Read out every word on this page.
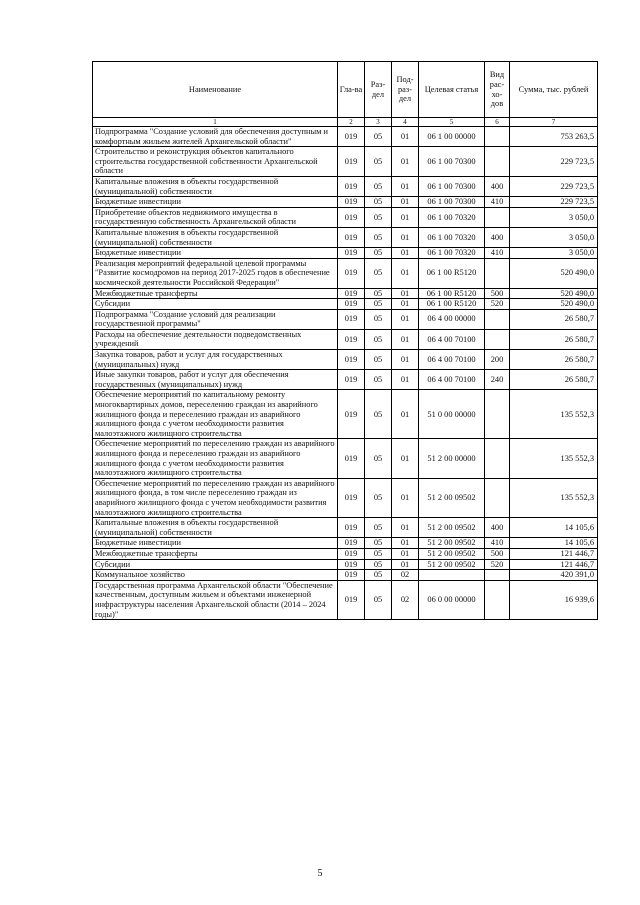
Наименование	Гла-ва	Раз-дел	Под-раз-дел	Целевая статья	Вид рас-хо-дов	Сумма, тыс. рублей
1	2	3	4	5	6	7
Подпрограмма "Создание условий для обеспечения доступным и комфортным жильем жителей Архангельской области"	019	05	01	06 1 00 00000		753 263,5
Строительство и реконструкция объектов капитального строительства государственной собственности Архангельской области	019	05	01	06 1 00 70300		229 723,5
Капитальные вложения в объекты государственной (муниципальной) собственности	019	05	01	06 1 00 70300	400	229 723,5
Бюджетные инвестиции	019	05	01	06 1 00 70300	410	229 723,5
Приобретение объектов недвижимого имущества в государственную собственность Архангельской области	019	05	01	06 1 00 70320		3 050,0
Капитальные вложения в объекты государственной (муниципальной) собственности	019	05	01	06 1 00 70320	400	3 050,0
Бюджетные инвестиции	019	05	01	06 1 00 70320	410	3 050,0
Реализация мероприятий федеральной целевой программы "Развитие космодромов на период 2017-2025 годов в обеспечение космической деятельности Российской Федерации"	019	05	01	06 1 00 R5120		520 490,0
Межбюджетные трансферты	019	05	01	06 1 00 R5120	500	520 490,0
Субсидии	019	05	01	06 1 00 R5120	520	520 490,0
Подпрограмма "Создание условий для реализации государственной программы"	019	05	01	06 4 00 00000		26 580,7
Расходы на обеспечение деятельности подведомственных учреждений	019	05	01	06 4 00 70100		26 580,7
Закупка товаров, работ и услуг для государственных (муниципальных) нужд	019	05	01	06 4 00 70100	200	26 580,7
Иные закупки товаров, работ и услуг для обеспечения государственных (муниципальных) нужд	019	05	01	06 4 00 70100	240	26 580,7
Обеспечение мероприятий по капитальному ремонту многоквартирных домов, переселению граждан из аварийного жилищного фонда и переселению граждан из аварийного жилищного фонда с учетом необходимости развития малоэтажного жилищного строительства	019	05	01	51 0 00 00000		135 552,3
Обеспечение мероприятий по переселению граждан из аварийного жилищного фонда и переселению граждан из аварийного жилищного фонда с учетом необходимости развития малоэтажного жилищного строительства	019	05	01	51 2 00 00000		135 552,3
Обеспечение мероприятий по переселению граждан из аварийного жилищного фонда, в том числе переселению граждан из аварийного жилищного фонда с учетом необходимости развития малоэтажного жилищного строительства	019	05	01	51 2 00 09502		135 552,3
Капитальные вложения в объекты государственной (муниципальной) собственности	019	05	01	51 2 00 09502	400	14 105,6
Бюджетные инвестиции	019	05	01	51 2 00 09502	410	14 105,6
Межбюджетные трансферты	019	05	01	51 2 00 09502	500	121 446,7
Субсидии	019	05	01	51 2 00 09502	520	121 446,7
Коммунальное хозяйство	019	05	02			420 391,0
Государственная программа Архангельской области "Обеспечение качественным, доступным жильем и объектами инженерной инфраструктуры населения Архангельской области (2014 – 2024 годы)"	019	05	02	06 0 00 00000		16 939,6
5
